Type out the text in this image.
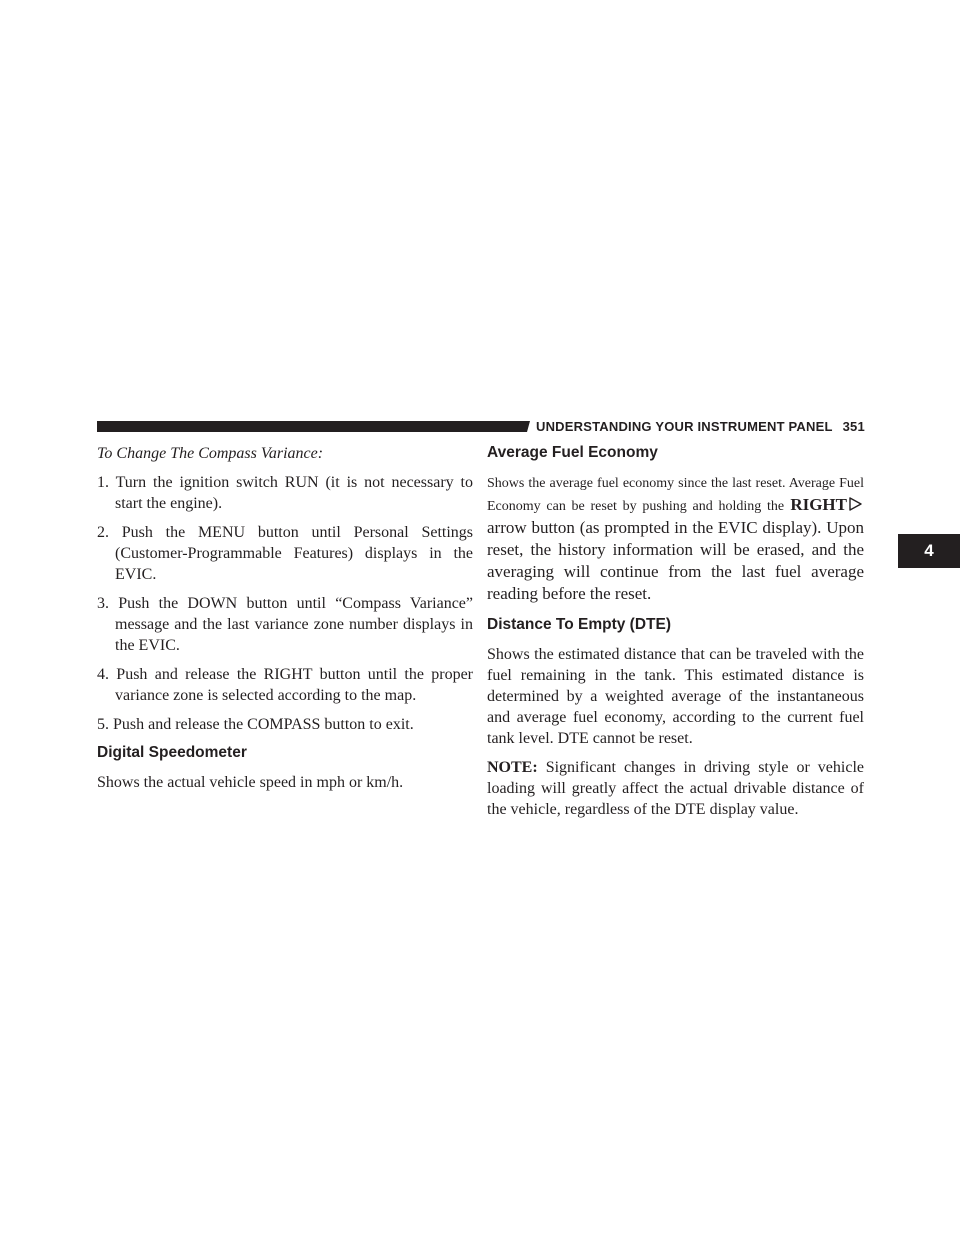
UNDERSTANDING YOUR INSTRUMENT PANEL 351
4

To Change The Compass Variance:

1. Turn the ignition switch RUN (it is not necessary to start the engine).
2. Push the MENU button until Personal Settings (Customer-Programmable Features) displays in the EVIC.
3. Push the DOWN button until “Compass Variance” message and the last variance zone number displays in the EVIC.
4. Push and release the RIGHT button until the proper variance zone is selected according to the map.
5. Push and release the COMPASS button to exit.
Digital Speedometer

Shows the actual vehicle speed in mph or km/h.

Average Fuel Economy

Shows the average fuel economy since the last reset. Average Fuel Economy can be reset by pushing and holding the RIGHTarrow button (as prompted in the EVIC display). Upon reset, the history information will be erased, and the averaging will continue from the last fuel average reading before the reset.

Distance To Empty (DTE)

Shows the estimated distance that can be traveled with the fuel remaining in the tank. This estimated distance is determined by a weighted average of the instantaneous and average fuel economy, according to the current fuel tank level. DTE cannot be reset.

NOTE: Significant changes in driving style or vehicle loading will greatly affect the actual drivable distance of the vehicle, regardless of the DTE display value.
